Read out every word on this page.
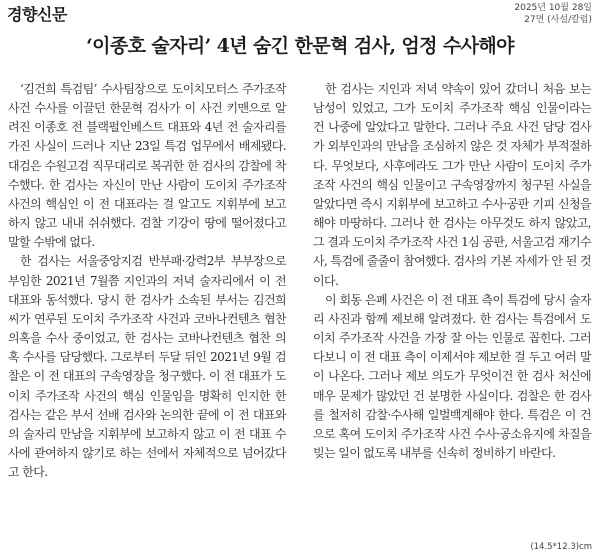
경향신문	2025년 10월 28일
27면 (사설/칼럼)
‘이종호 술자리’ 4년 숨긴 한문혁 검사, 엄정 수사해야

‘김건희 특검팀’ 수사팀장으로 도이치모터스 주가조작 사건 수사를 이끌던 한문혁 검사가 이 사건 키맨으로 알려진 이종호 전 블랙펄인베스트 대표와 4년 전 술자리를 가진 사실이 드러나 지난 23일 특검 업무에서 배제됐다. 대검은 수원고검 직무대리로 복귀한 한 검사의 감찰에 착수했다. 한 검사는 자신이 만난 사람이 도이치 주가조작 사건의 핵심인 이 전 대표라는 걸 알고도 지휘부에 보고하지 않고 내내 쉬쉬했다. 검찰 기강이 땅에 떨어졌다고 말할 수밖에 없다.

한 검사는 서울중앙지검 반부패·강력2부 부부장으로 부임한 2021년 7월쯤 지인과의 저녁 술자리에서 이 전 대표와 동석했다. 당시 한 검사가 소속된 부서는 김건희씨가 연루된 도이치 주가조작 사건과 코바나컨텐츠 협찬 의혹을 수사 중이었고, 한 검사는 코바나컨텐츠 협찬 의혹 수사를 담당했다. 그로부터 두달 뒤인 2021년 9월 검찰은 이 전 대표의 구속영장을 청구했다. 이 전 대표가 도이치 주가조작 사건의 핵심 인물임을 명확히 인지한 한 검사는 같은 부서 선배 검사와 논의한 끝에 이 전 대표와의 술자리 만남을 지휘부에 보고하지 않고 이 전 대표 수사에 관여하지 않기로 하는 선에서 자체적으로 넘어갔다고 한다.

한 검사는 지인과 저녁 약속이 있어 갔더니 처음 보는 남성이 있었고, 그가 도이치 주가조작 핵심 인물이라는 건 나중에 알았다고 말한다. 그러나 주요 사건 담당 검사가 외부인과의 만남을 조심하지 않은 것 자체가 부적절하다. 무엇보다, 사후에라도 그가 만난 사람이 도이치 주가조작 사건의 핵심 인물이고 구속영장까지 청구된 사실을 알았다면 즉시 지휘부에 보고하고 수사·공판 기피 신청을 해야 마땅하다. 그러나 한 검사는 아무것도 하지 않았고, 그 결과 도이치 주가조작 사건 1심 공판, 서울고검 재기수사, 특검에 줄줄이 참여했다. 검사의 기본 자세가 안 된 것이다.

이 회동 은폐 사건은 이 전 대표 측이 특검에 당시 술자리 사진과 함께 제보해 알려졌다. 한 검사는 특검에서 도이치 주가조작 사건을 가장 잘 아는 인물로 꼽힌다. 그러다보니 이 전 대표 측이 이제서야 제보한 걸 두고 여러 말이 나온다. 그러나 제보 의도가 무엇이건 한 검사 처신에 매우 문제가 많았던 건 분명한 사실이다. 검찰은 한 검사를 철저히 감찰·수사해 일벌백계해야 한다. 특검은 이 건으로 혹여 도이치 주가조작 사건 수사·공소유지에 차질을 빚는 일이 없도록 내부를 신속히 정비하기 바란다.

(14.5*12.3)cm
